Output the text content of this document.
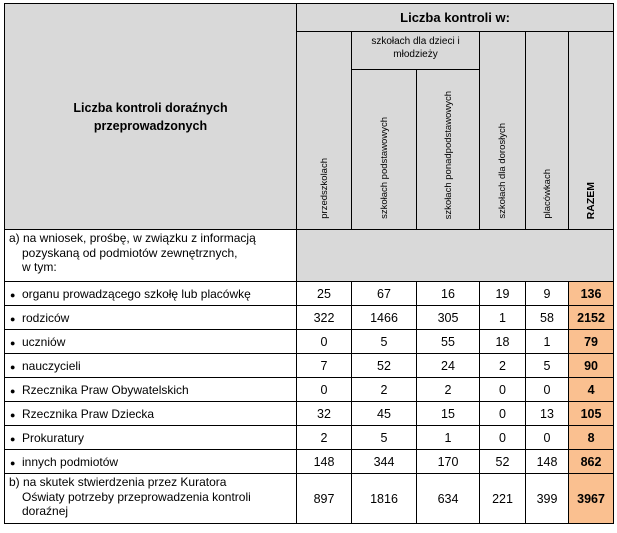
Liczba kontroli doraźnych przeprowadzonych	Liczba kontroli w:					
	przedszkolach	szkołach dla dzieci i młodzieży		szkołach dla dorosłych	placówkach	RAZEM
		szkołach podstawowych	szkołach ponadpodstawowych			

a) na wniosek, prośbę, w związku z informacją
pozyskaną od podmiotów zewnętrznych,
w tym:						

● organu prowadzącego szkołę lub placówkę	25	67	16	19	9	136
● rodziców	322	1466	305	1	58	2152
● uczniów	0	5	55	18	1	79
● nauczycieli	7	52	24	2	5	90
● Rzecznika Praw Obywatelskich	0	2	2	0	0	4
● Rzecznika Praw Dziecka	32	45	15	0	13	105
● Prokuratury	2	5	1	0	0	8
● innych podmiotów	148	344	170	52	148	862

b) na skutek stwierdzenia przez Kuratora
Oświaty potrzeby przeprowadzenia kontroli
doraźnej	897	1816	634	221	399	3967
